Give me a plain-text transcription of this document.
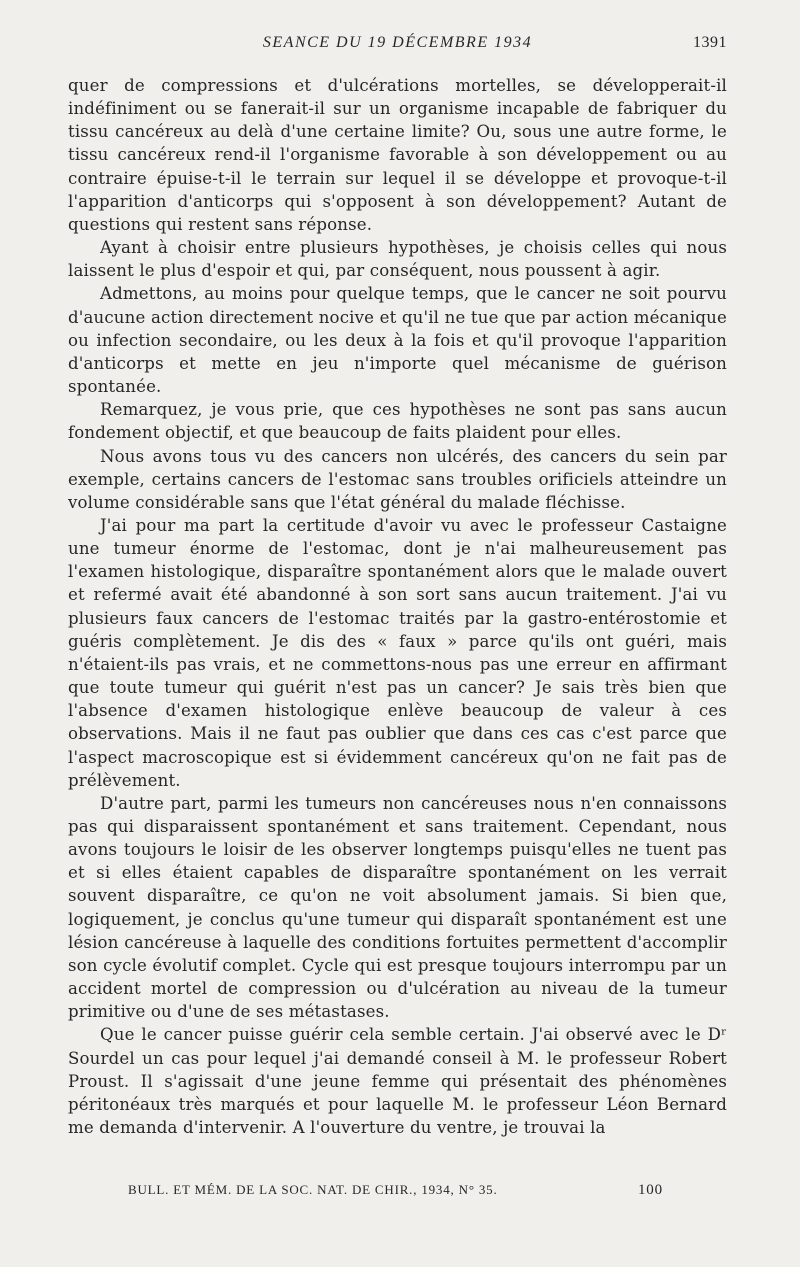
SEANCE DU 19 DÉCEMBRE 1934	1391

quer de compressions et d'ulcérations mortelles, se développerait-il indéfiniment ou se fanerait-il sur un organisme incapable de fabriquer du tissu cancéreux au delà d'une certaine limite? Ou, sous une autre forme, le tissu cancéreux rend-il l'organisme favorable à son développement ou au contraire épuise-t-il le terrain sur lequel il se développe et provoque-t-il l'apparition d'anticorps qui s'opposent à son développement? Autant de questions qui restent sans réponse.

Ayant à choisir entre plusieurs hypothèses, je choisis celles qui nous laissent le plus d'espoir et qui, par conséquent, nous poussent à agir.

Admettons, au moins pour quelque temps, que le cancer ne soit pourvu d'aucune action directement nocive et qu'il ne tue que par action mécanique ou infection secondaire, ou les deux à la fois et qu'il provoque l'apparition d'anticorps et mette en jeu n'importe quel mécanisme de guérison spontanée.

Remarquez, je vous prie, que ces hypothèses ne sont pas sans aucun fondement objectif, et que beaucoup de faits plaident pour elles.

Nous avons tous vu des cancers non ulcérés, des cancers du sein par exemple, certains cancers de l'estomac sans troubles orificiels atteindre un volume considérable sans que l'état général du malade fléchisse.

J'ai pour ma part la certitude d'avoir vu avec le professeur Castaigne une tumeur énorme de l'estomac, dont je n'ai malheureusement pas l'examen histologique, disparaître spontanément alors que le malade ouvert et refermé avait été abandonné à son sort sans aucun traitement. J'ai vu plusieurs faux cancers de l'estomac traités par la gastro-entérostomie et guéris complètement. Je dis des « faux » parce qu'ils ont guéri, mais n'étaient-ils pas vrais, et ne commettons-nous pas une erreur en affirmant que toute tumeur qui guérit n'est pas un cancer? Je sais très bien que l'absence d'examen histologique enlève beaucoup de valeur à ces observations. Mais il ne faut pas oublier que dans ces cas c'est parce que l'aspect macroscopique est si évidemment cancéreux qu'on ne fait pas de prélèvement.

D'autre part, parmi les tumeurs non cancéreuses nous n'en connaissons pas qui disparaissent spontanément et sans traitement. Cependant, nous avons toujours le loisir de les observer longtemps puisqu'elles ne tuent pas et si elles étaient capables de disparaître spontanément on les verrait souvent disparaître, ce qu'on ne voit absolument jamais. Si bien que, logiquement, je conclus qu'une tumeur qui disparaît spontanément est une lésion cancéreuse à laquelle des conditions fortuites permettent d'accomplir son cycle évolutif complet. Cycle qui est presque toujours interrompu par un accident mortel de compression ou d'ulcération au niveau de la tumeur primitive ou d'une de ses métastases.

Que le cancer puisse guérir cela semble certain. J'ai observé avec le Dʳ Sourdel un cas pour lequel j'ai demandé conseil à M. le professeur Robert Proust. Il s'agissait d'une jeune femme qui présentait des phénomènes péritonéaux très marqués et pour laquelle M. le professeur Léon Bernard me demanda d'intervenir. A l'ouverture du ventre, je trouvai la

BULL. ET MÉM. DE LA SOC. NAT. DE CHIR., 1934, N° 35.	100
